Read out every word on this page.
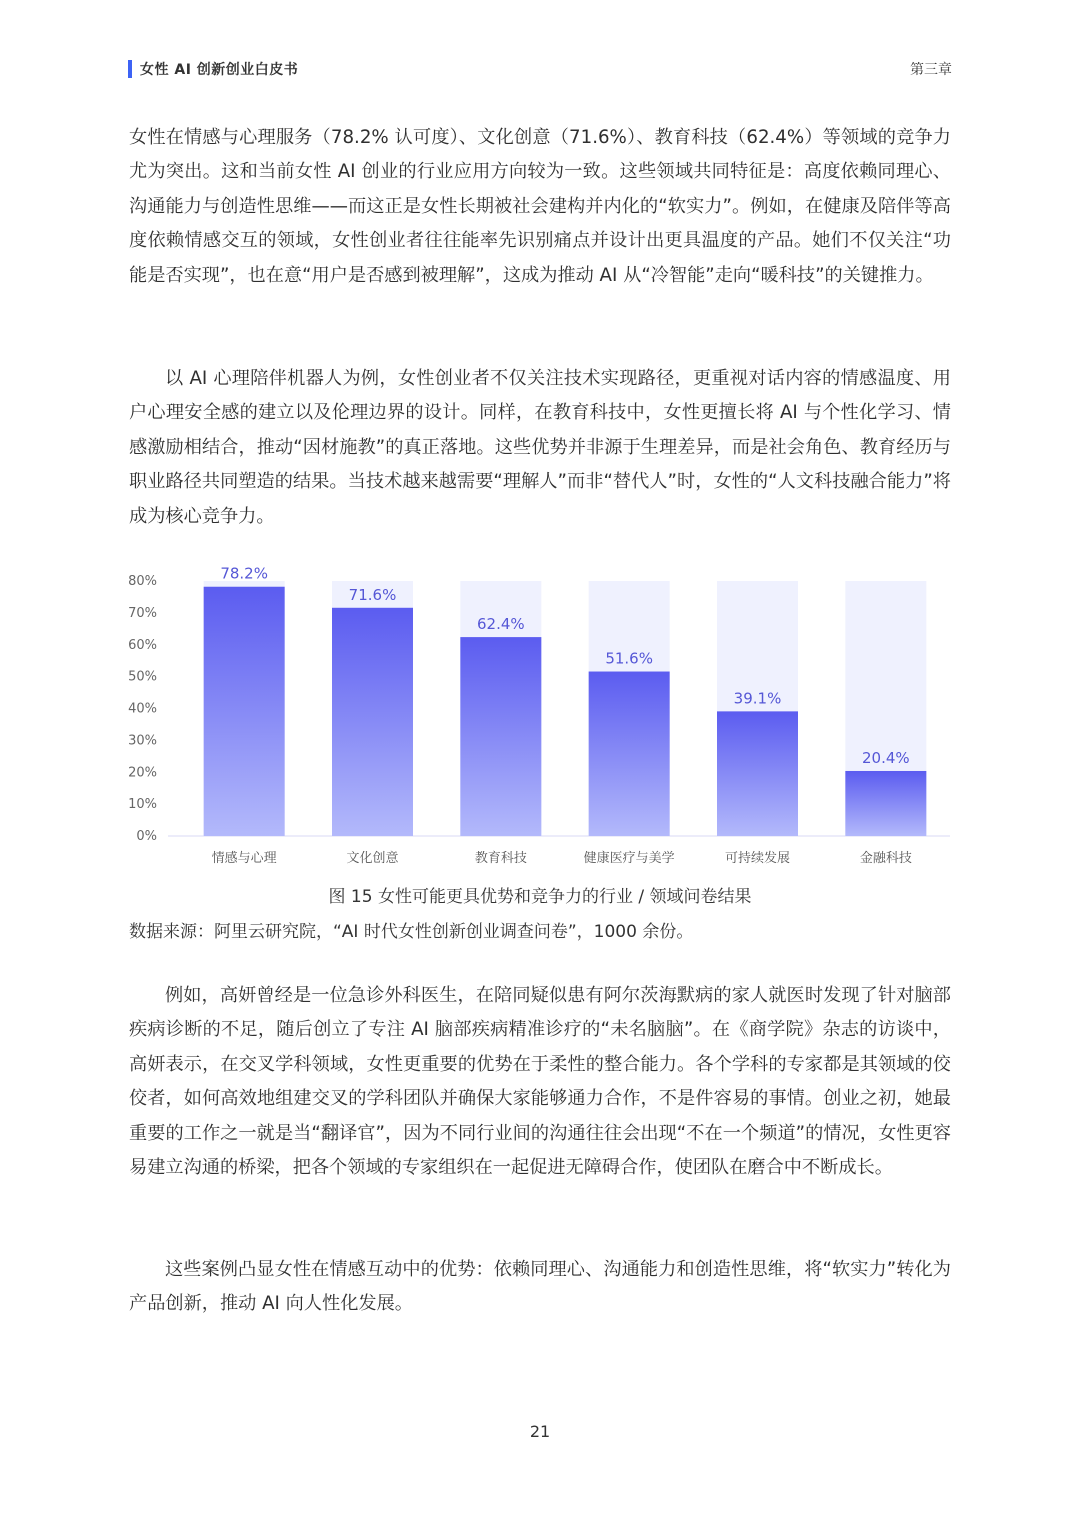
女性 AI 创新创业白皮书	第三章

女性在情感与心理服务（78.2% 认可度）、文化创意（71.6%）、教育科技（62.4%）等领域的竞争力尤为突出。这和当前女性 AI 创业的行业应用方向较为一致。这些领域共同特征是：高度依赖同理心、沟通能力与创造性思维——而这正是女性长期被社会建构并内化的“软实力”。例如，在健康及陪伴等高度依赖情感交互的领域，女性创业者往往能率先识别痛点并设计出更具温度的产品。她们不仅关注“功能是否实现”，也在意“用户是否感到被理解”，这成为推动 AI 从“冷智能”走向“暖科技”的关键推力。

以 AI 心理陪伴机器人为例，女性创业者不仅关注技术实现路径，更重视对话内容的情感温度、用户心理安全感的建立以及伦理边界的设计。同样，在教育科技中，女性更擅长将 AI 与个性化学习、情感激励相结合，推动“因材施教”的真正落地。这些优势并非源于生理差异，而是社会角色、教育经历与职业路径共同塑造的结果。当技术越来越需要“理解人”而非“替代人”时，女性的“人文科技融合能力”将成为核心竞争力。

0%
10%
20%
30%
40%
50%
60%
70%
80%	78.2%
情感与心理
71.6%
文化创意
62.4%
教育科技
51.6%
健康医疗与美学
39.1%
可持续发展
20.4%
金融科技
图 15 女性可能更具优势和竞争力的行业 / 领域问卷结果
数据来源：阿里云研究院，“AI 时代女性创新创业调查问卷”，1000 余份。

例如，高妍曾经是一位急诊外科医生，在陪同疑似患有阿尔茨海默病的家人就医时发现了针对脑部疾病诊断的不足，随后创立了专注 AI 脑部疾病精准诊疗的“未名脑脑”。在《商学院》杂志的访谈中，高妍表示，在交叉学科领域，女性更重要的优势在于柔性的整合能力。各个学科的专家都是其领域的佼佼者，如何高效地组建交叉的学科团队并确保大家能够通力合作，不是件容易的事情。创业之初，她最重要的工作之一就是当“翻译官”，因为不同行业间的沟通往往会出现“不在一个频道”的情况，女性更容易建立沟通的桥梁，把各个领域的专家组织在一起促进无障碍合作，使团队在磨合中不断成长。

这些案例凸显女性在情感互动中的优势：依赖同理心、沟通能力和创造性思维，将“软实力”转化为产品创新，推动 AI 向人性化发展。

21
